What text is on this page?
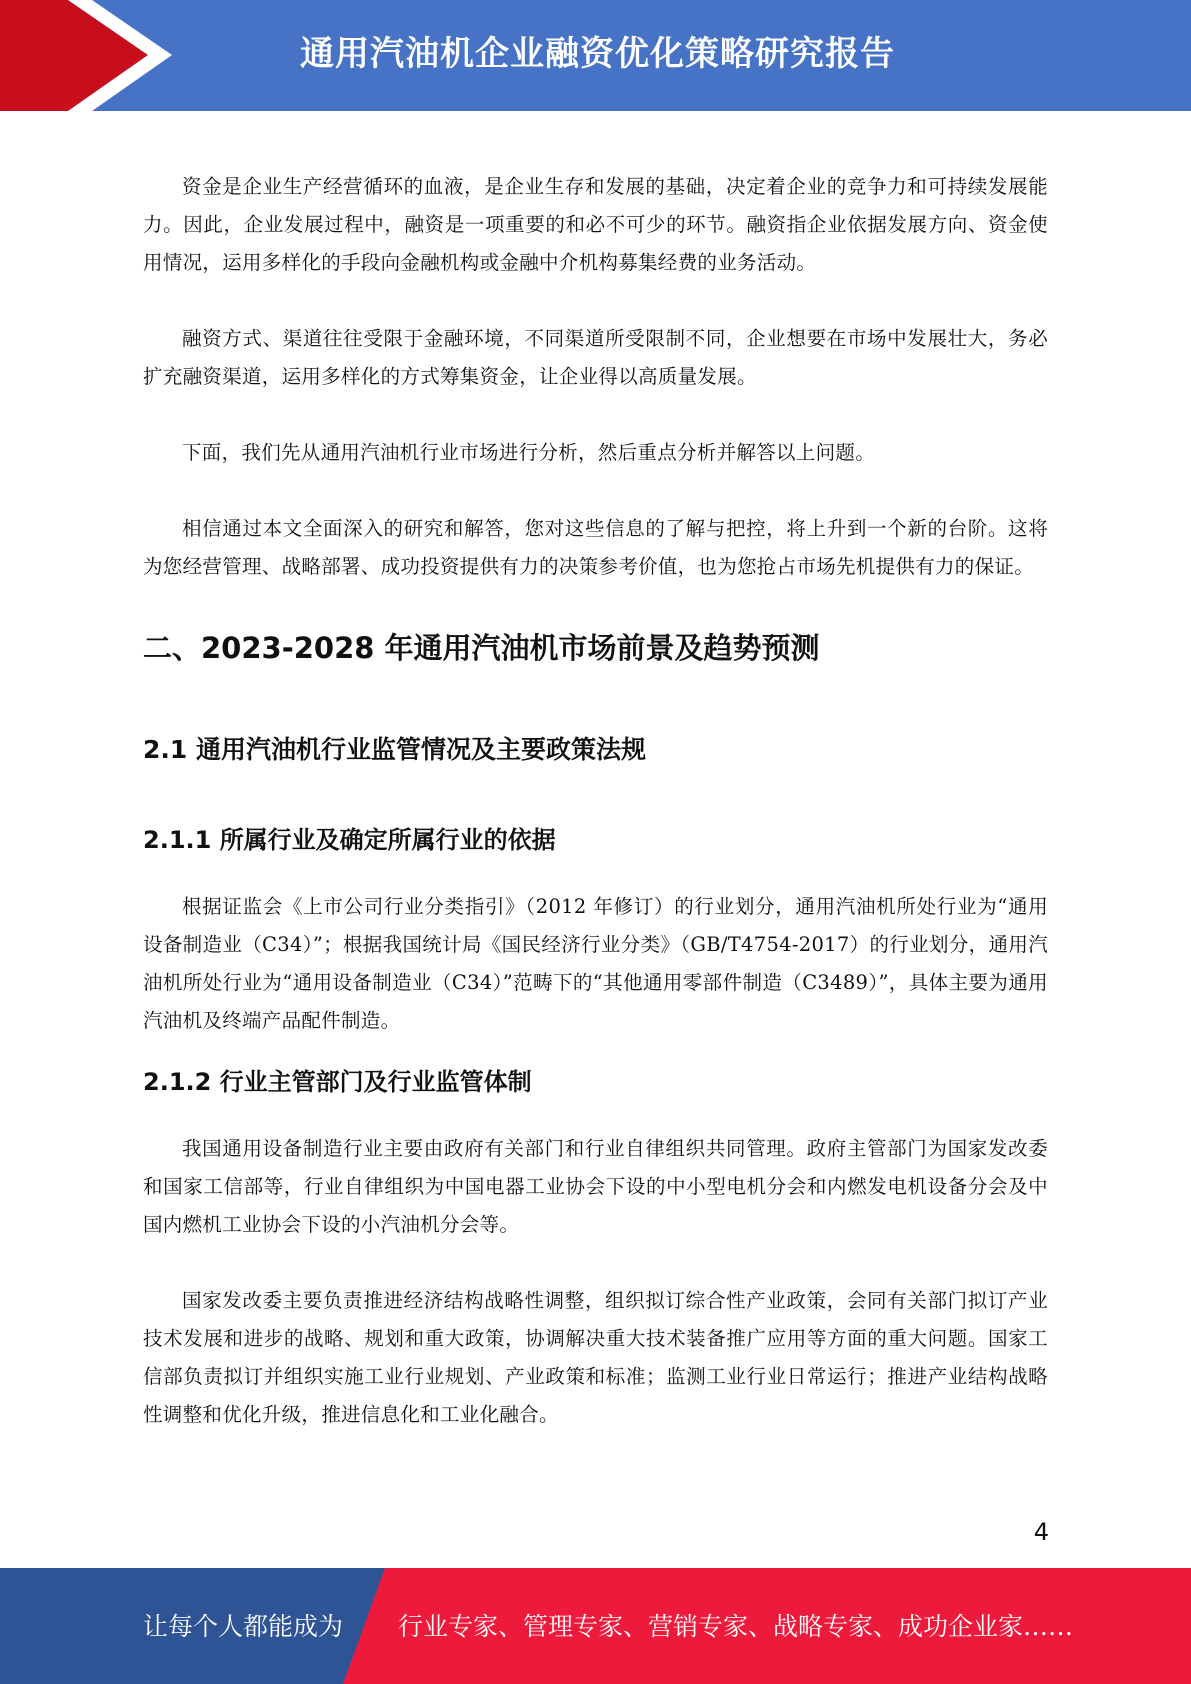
通用汽油机企业融资优化策略研究报告

资金是企业生产经营循环的血液，是企业生存和发展的基础，决定着企业的竞争力和可持续发展能力。因此，企业发展过程中，融资是一项重要的和必不可少的环节。融资指企业依据发展方向、资金使用情况，运用多样化的手段向金融机构或金融中介机构募集经费的业务活动。

融资方式、渠道往往受限于金融环境，不同渠道所受限制不同，企业想要在市场中发展壮大，务必扩充融资渠道，运用多样化的方式筹集资金，让企业得以高质量发展。

下面，我们先从通用汽油机行业市场进行分析，然后重点分析并解答以上问题。

相信通过本文全面深入的研究和解答，您对这些信息的了解与把控，将上升到一个新的台阶。这将为您经营管理、战略部署、成功投资提供有力的决策参考价值，也为您抢占市场先机提供有力的保证。

二、2023-2028 年通用汽油机市场前景及趋势预测
2.1 通用汽油机行业监管情况及主要政策法规
2.1.1 所属行业及确定所属行业的依据

根据证监会《上市公司行业分类指引》（2012 年修订）的行业划分，通用汽油机所处行业为“通用设备制造业（C34）”；根据我国统计局《国民经济行业分类》（GB/T4754-2017）的行业划分，通用汽油机所处行业为“通用设备制造业（C34）”范畴下的“其他通用零部件制造（C3489）”，具体主要为通用汽油机及终端产品配件制造。

2.1.2 行业主管部门及行业监管体制

我国通用设备制造行业主要由政府有关部门和行业自律组织共同管理。政府主管部门为国家发改委和国家工信部等，行业自律组织为中国电器工业协会下设的中小型电机分会和内燃发电机设备分会及中国内燃机工业协会下设的小汽油机分会等。

国家发改委主要负责推进经济结构战略性调整，组织拟订综合性产业政策，会同有关部门拟订产业技术发展和进步的战略、规划和重大政策，协调解决重大技术装备推广应用等方面的重大问题。国家工信部负责拟订并组织实施工业行业规划、产业政策和标准；监测工业行业日常运行；推进产业结构战略性调整和优化升级，推进信息化和工业化融合。

4
让每个人都能成为 行业专家、管理专家、营销专家、战略专家、成功企业家……
